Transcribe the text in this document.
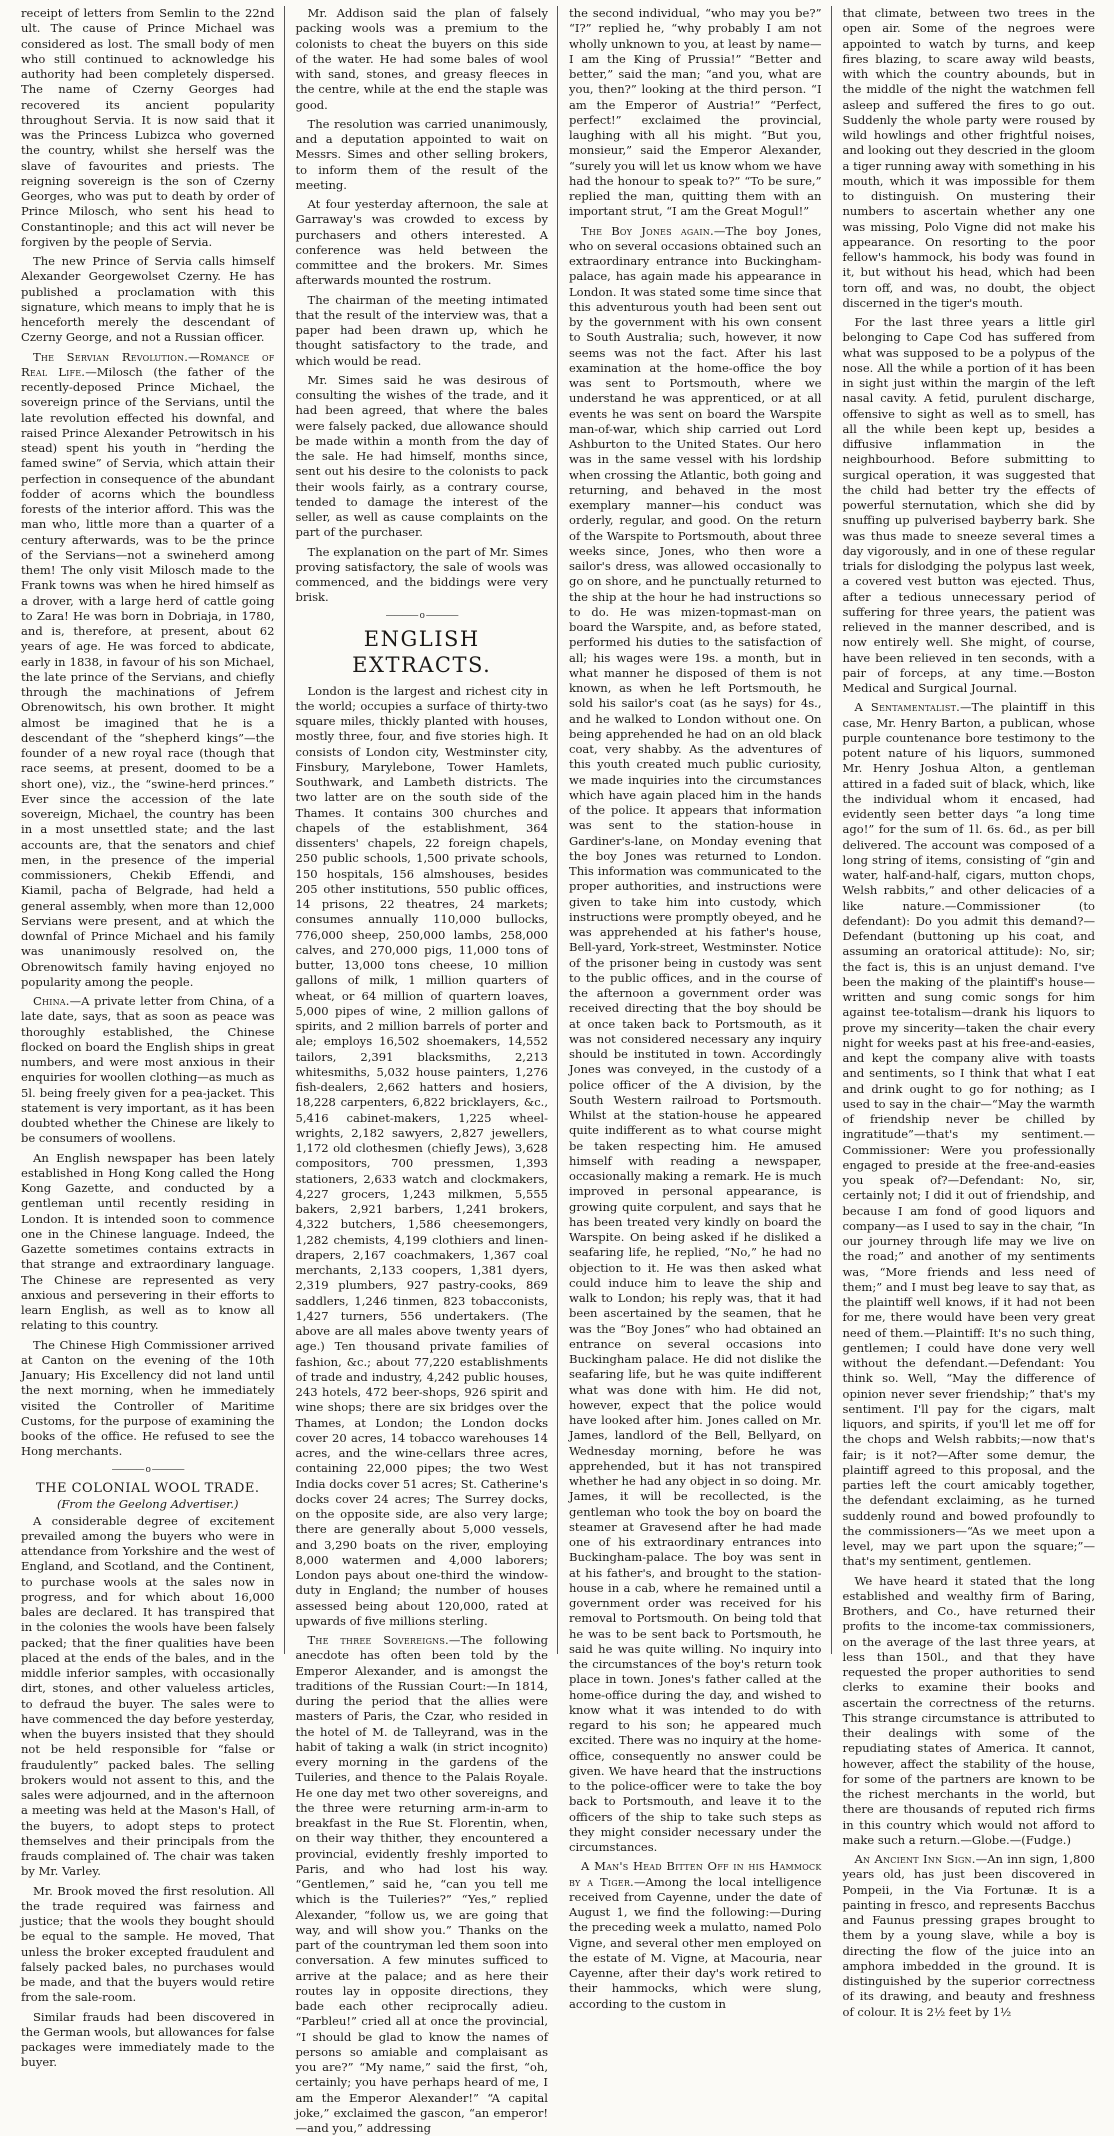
receipt of letters from Semlin to the 22nd ult. The cause of Prince Michael was considered as lost. The small body of men who still continued to acknowledge his authority had been completely dispersed. The name of Czerny Georges had recovered its ancient popularity throughout Servia. It is now said that it was the Princess Lubizca who governed the country, whilst she herself was the slave of favourites and priests. The reigning sovereign is the son of Czerny Georges, who was put to death by order of Prince Milosch, who sent his head to Constantinople; and this act will never be forgiven by the people of Servia.

The new Prince of Servia calls himself Alexander Georgewolset Czerny. He has published a proclamation with this signature, which means to imply that he is henceforth merely the descendant of Czerny George, and not a Russian officer.

The Servian Revolution.—Romance of Real Life.—Milosch (the father of the recently-deposed Prince Michael, the sovereign prince of the Servians, until the late revolution effected his downfal, and raised Prince Alexander Petrowitsch in his stead) spent his youth in “herding the famed swine” of Servia, which attain their perfection in consequence of the abundant fodder of acorns which the boundless forests of the interior afford. This was the man who, little more than a quarter of a century afterwards, was to be the prince of the Servians—not a swineherd among them! The only visit Milosch made to the Frank towns was when he hired himself as a drover, with a large herd of cattle going to Zara! He was born in Dobriaja, in 1780, and is, therefore, at present, about 62 years of age. He was forced to abdicate, early in 1838, in favour of his son Michael, the late prince of the Servians, and chiefly through the machinations of Jefrem Obrenowitsch, his own brother. It might almost be imagined that he is a descendant of the “shepherd kings”—the founder of a new royal race (though that race seems, at present, doomed to be a short one), viz., the “swine-herd princes.” Ever since the accession of the late sovereign, Michael, the country has been in a most unsettled state; and the last accounts are, that the senators and chief men, in the presence of the imperial commissioners, Chekib Effendi, and Kiamil, pacha of Belgrade, had held a general assembly, when more than 12,000 Servians were present, and at which the downfal of Prince Michael and his family was unanimously resolved on, the Obrenowitsch family having enjoyed no popularity among the people.

China.—A private letter from China, of a late date, says, that as soon as peace was thoroughly established, the Chinese flocked on board the English ships in great numbers, and were most anxious in their enquiries for woollen clothing—as much as 5l. being freely given for a pea-jacket. This statement is very important, as it has been doubted whether the Chinese are likely to be consumers of woollens.

An English newspaper has been lately established in Hong Kong called the Hong Kong Gazette, and conducted by a gentleman until recently residing in London. It is intended soon to commence one in the Chinese language. Indeed, the Gazette sometimes contains extracts in that strange and extraordinary language. The Chinese are represented as very anxious and persevering in their efforts to learn English, as well as to know all relating to this country.

The Chinese High Commissioner arrived at Canton on the evening of the 10th January; His Excellency did not land until the next morning, when he immediately visited the Controller of Maritime Customs, for the purpose of examining the books of the office. He refused to see the Hong merchants.

———— o ————
THE COLONIAL WOOL TRADE.
(From the Geelong Advertiser.)

A considerable degree of excitement prevailed among the buyers who were in attendance from Yorkshire and the west of England, and Scotland, and the Continent, to purchase wools at the sales now in progress, and for which about 16,000 bales are declared. It has transpired that in the colonies the wools have been falsely packed; that the finer qualities have been placed at the ends of the bales, and in the middle inferior samples, with occasionally dirt, stones, and other valueless articles, to defraud the buyer. The sales were to have commenced the day before yesterday, when the buyers insisted that they should not be held responsible for “false or fraudulently” packed bales. The selling brokers would not assent to this, and the sales were adjourned, and in the afternoon a meeting was held at the Mason's Hall, of the buyers, to adopt steps to protect themselves and their principals from the frauds complained of. The chair was taken by Mr. Varley.

Mr. Brook moved the first resolution. All the trade required was fairness and justice; that the wools they bought should be equal to the sample. He moved, That unless the broker excepted fraudulent and falsely packed bales, no purchases would be made, and that the buyers would retire from the sale-room.

Similar frauds had been discovered in the German wools, but allowances for false packages were immediately made to the buyer.

Mr. Addison said the plan of falsely packing wools was a premium to the colonists to cheat the buyers on this side of the water. He had some bales of wool with sand, stones, and greasy fleeces in the centre, while at the end the staple was good.

The resolution was carried unanimously, and a deputation appointed to wait on Messrs. Simes and other selling brokers, to inform them of the result of the meeting.

At four yesterday afternoon, the sale at Garraway's was crowded to excess by purchasers and others interested. A conference was held between the committee and the brokers. Mr. Simes afterwards mounted the rostrum.

The chairman of the meeting intimated that the result of the interview was, that a paper had been drawn up, which he thought satisfactory to the trade, and which would be read.

Mr. Simes said he was desirous of consulting the wishes of the trade, and it had been agreed, that where the bales were falsely packed, due allowance should be made within a month from the day of the sale. He had himself, months since, sent out his desire to the colonists to pack their wools fairly, as a contrary course, tended to damage the interest of the seller, as well as cause complaints on the part of the purchaser.

The explanation on the part of Mr. Simes proving satisfactory, the sale of wools was commenced, and the biddings were very brisk.

———— o ————
ENGLISH EXTRACTS.

London is the largest and richest city in the world; occupies a surface of thirty-two square miles, thickly planted with houses, mostly three, four, and five stories high. It consists of London city, Westminster city, Finsbury, Marylebone, Tower Hamlets, Southwark, and Lambeth districts. The two latter are on the south side of the Thames. It contains 300 churches and chapels of the establishment, 364 dissenters' chapels, 22 foreign chapels, 250 public schools, 1,500 private schools, 150 hospitals, 156 almshouses, besides 205 other institutions, 550 public offices, 14 prisons, 22 theatres, 24 markets; consumes annually 110,000 bullocks, 776,000 sheep, 250,000 lambs, 258,000 calves, and 270,000 pigs, 11,000 tons of butter, 13,000 tons cheese, 10 million gallons of milk, 1 million quarters of wheat, or 64 million of quartern loaves, 5,000 pipes of wine, 2 million gallons of spirits, and 2 million barrels of porter and ale; employs 16,502 shoemakers, 14,552 tailors, 2,391 blacksmiths, 2,213 whitesmiths, 5,032 house painters, 1,276 fish-dealers, 2,662 hatters and hosiers, 18,228 carpenters, 6,822 bricklayers, &c., 5,416 cabinet-makers, 1,225 wheel-wrights, 2,182 sawyers, 2,827 jewellers, 1,172 old clothesmen (chiefly Jews), 3,628 compositors, 700 pressmen, 1,393 stationers, 2,633 watch and clockmakers, 4,227 grocers, 1,243 milkmen, 5,555 bakers, 2,921 barbers, 1,241 brokers, 4,322 butchers, 1,586 cheesemongers, 1,282 chemists, 4,199 clothiers and linen-drapers, 2,167 coachmakers, 1,367 coal merchants, 2,133 coopers, 1,381 dyers, 2,319 plumbers, 927 pastry-cooks, 869 saddlers, 1,246 tinmen, 823 tobacconists, 1,427 turners, 556 undertakers. (The above are all males above twenty years of age.) Ten thousand private families of fashion, &c.; about 77,220 establishments of trade and industry, 4,242 public houses, 243 hotels, 472 beer-shops, 926 spirit and wine shops; there are six bridges over the Thames, at London; the London docks cover 20 acres, 14 tobacco warehouses 14 acres, and the wine-cellars three acres, containing 22,000 pipes; the two West India docks cover 51 acres; St. Catherine's docks cover 24 acres; The Surrey docks, on the opposite side, are also very large; there are generally about 5,000 vessels, and 3,290 boats on the river, employing 8,000 watermen and 4,000 laborers; London pays about one-third the window-duty in England; the number of houses assessed being about 120,000, rated at upwards of five millions sterling.

The three Sovereigns.—The following anecdote has often been told by the Emperor Alexander, and is amongst the traditions of the Russian Court:—In 1814, during the period that the allies were masters of Paris, the Czar, who resided in the hotel of M. de Talleyrand, was in the habit of taking a walk (in strict incognito) every morning in the gardens of the Tuileries, and thence to the Palais Royale. He one day met two other sovereigns, and the three were returning arm-in-arm to breakfast in the Rue St. Florentin, when, on their way thither, they encountered a provincial, evidently freshly imported to Paris, and who had lost his way. “Gentlemen,” said he, “can you tell me which is the Tuileries?” “Yes,” replied Alexander, “follow us, we are going that way, and will show you.” Thanks on the part of the countryman led them soon into conversation. A few minutes sufficed to arrive at the palace; and as here their routes lay in opposite directions, they bade each other reciprocally adieu. “Parbleu!” cried all at once the provincial, “I should be glad to know the names of persons so amiable and complaisant as you are?” “My name,” said the first, “oh, certainly; you have perhaps heard of me, I am the Emperor Alexander!” “A capital joke,” exclaimed the gascon, “an emperor!—and you,” addressing

the second individual, “who may you be?” “I?” replied he, “why probably I am not wholly unknown to you, at least by name—I am the King of Prussia!” “Better and better,” said the man; “and you, what are you, then?” looking at the third person. “I am the Emperor of Austria!” “Perfect, perfect!” exclaimed the provincial, laughing with all his might. “But you, monsieur,” said the Emperor Alexander, “surely you will let us know whom we have had the honour to speak to?” “To be sure,” replied the man, quitting them with an important strut, “I am the Great Mogul!”

The Boy Jones again.—The boy Jones, who on several occasions obtained such an extraordinary entrance into Buckingham-palace, has again made his appearance in London. It was stated some time since that this adventurous youth had been sent out by the government with his own consent to South Australia; such, however, it now seems was not the fact. After his last examination at the home-office the boy was sent to Portsmouth, where we understand he was apprenticed, or at all events he was sent on board the Warspite man-of-war, which ship carried out Lord Ashburton to the United States. Our hero was in the same vessel with his lordship when crossing the Atlantic, both going and returning, and behaved in the most exemplary manner—his conduct was orderly, regular, and good. On the return of the Warspite to Portsmouth, about three weeks since, Jones, who then wore a sailor's dress, was allowed occasionally to go on shore, and he punctually returned to the ship at the hour he had instructions so to do. He was mizen-topmast-man on board the Warspite, and, as before stated, performed his duties to the satisfaction of all; his wages were 19s. a month, but in what manner he disposed of them is not known, as when he left Portsmouth, he sold his sailor's coat (as he says) for 4s., and he walked to London without one. On being apprehended he had on an old black coat, very shabby. As the adventures of this youth created much public curiosity, we made inquiries into the circumstances which have again placed him in the hands of the police. It appears that information was sent to the station-house in Gardiner's-lane, on Monday evening that the boy Jones was returned to London. This information was communicated to the proper authorities, and instructions were given to take him into custody, which instructions were promptly obeyed, and he was apprehended at his father's house, Bell-yard, York-street, Westminster. Notice of the prisoner being in custody was sent to the public offices, and in the course of the afternoon a government order was received directing that the boy should be at once taken back to Portsmouth, as it was not considered necessary any inquiry should be instituted in town. Accordingly Jones was conveyed, in the custody of a police officer of the A division, by the South Western railroad to Portsmouth. Whilst at the station-house he appeared quite indifferent as to what course might be taken respecting him. He amused himself with reading a newspaper, occasionally making a remark. He is much improved in personal appearance, is growing quite corpulent, and says that he has been treated very kindly on board the Warspite. On being asked if he disliked a seafaring life, he replied, “No,” he had no objection to it. He was then asked what could induce him to leave the ship and walk to London; his reply was, that it had been ascertained by the seamen, that he was the “Boy Jones” who had obtained an entrance on several occasions into Buckingham palace. He did not dislike the seafaring life, but he was quite indifferent what was done with him. He did not, however, expect that the police would have looked after him. Jones called on Mr. James, landlord of the Bell, Bellyard, on Wednesday morning, before he was apprehended, but it has not transpired whether he had any object in so doing. Mr. James, it will be recollected, is the gentleman who took the boy on board the steamer at Gravesend after he had made one of his extraordinary entrances into Buckingham-palace. The boy was sent in at his father's, and brought to the station-house in a cab, where he remained until a government order was received for his removal to Portsmouth. On being told that he was to be sent back to Portsmouth, he said he was quite willing. No inquiry into the circumstances of the boy's return took place in town. Jones's father called at the home-office during the day, and wished to know what it was intended to do with regard to his son; he appeared much excited. There was no inquiry at the home-office, consequently no answer could be given. We have heard that the instructions to the police-officer were to take the boy back to Portsmouth, and leave it to the officers of the ship to take such steps as they might consider necessary under the circumstances.

A Man's Head Bitten Off in his Hammock by a Tiger.—Among the local intelligence received from Cayenne, under the date of August 1, we find the following:—During the preceding week a mulatto, named Polo Vigne, and several other men employed on the estate of M. Vigne, at Macouria, near Cayenne, after their day's work retired to their hammocks, which were slung, according to the custom in

that climate, between two trees in the open air. Some of the negroes were appointed to watch by turns, and keep fires blazing, to scare away wild beasts, with which the country abounds, but in the middle of the night the watchmen fell asleep and suffered the fires to go out. Suddenly the whole party were roused by wild howlings and other frightful noises, and looking out they descried in the gloom a tiger running away with something in his mouth, which it was impossible for them to distinguish. On mustering their numbers to ascertain whether any one was missing, Polo Vigne did not make his appearance. On resorting to the poor fellow's hammock, his body was found in it, but without his head, which had been torn off, and was, no doubt, the object discerned in the tiger's mouth.

For the last three years a little girl belonging to Cape Cod has suffered from what was supposed to be a polypus of the nose. All the while a portion of it has been in sight just within the margin of the left nasal cavity. A fetid, purulent discharge, offensive to sight as well as to smell, has all the while been kept up, besides a diffusive inflammation in the neighbourhood. Before submitting to surgical operation, it was suggested that the child had better try the effects of powerful sternutation, which she did by snuffing up pulverised bayberry bark. She was thus made to sneeze several times a day vigorously, and in one of these regular trials for dislodging the polypus last week, a covered vest button was ejected. Thus, after a tedious unnecessary period of suffering for three years, the patient was relieved in the manner described, and is now entirely well. She might, of course, have been relieved in ten seconds, with a pair of forceps, at any time.—Boston Medical and Surgical Journal.

A Sentamentalist.—The plaintiff in this case, Mr. Henry Barton, a publican, whose purple countenance bore testimony to the potent nature of his liquors, summoned Mr. Henry Joshua Alton, a gentleman attired in a faded suit of black, which, like the individual whom it encased, had evidently seen better days “a long time ago!” for the sum of 1l. 6s. 6d., as per bill delivered. The account was composed of a long string of items, consisting of “gin and water, half-and-half, cigars, mutton chops, Welsh rabbits,” and other delicacies of a like nature.—Commissioner (to defendant): Do you admit this demand?—Defendant (buttoning up his coat, and assuming an oratorical attitude): No, sir; the fact is, this is an unjust demand. I've been the making of the plaintiff's house—written and sung comic songs for him against tee-totalism—drank his liquors to prove my sincerity—taken the chair every night for weeks past at his free-and-easies, and kept the company alive with toasts and sentiments, so I think that what I eat and drink ought to go for nothing; as I used to say in the chair—“May the warmth of friendship never be chilled by ingratitude”—that's my sentiment.—Commissioner: Were you professionally engaged to preside at the free-and-easies you speak of?—Defendant: No, sir, certainly not; I did it out of friendship, and because I am fond of good liquors and company—as I used to say in the chair, “In our journey through life may we live on the road;” and another of my sentiments was, “More friends and less need of them;” and I must beg leave to say that, as the plaintiff well knows, if it had not been for me, there would have been very great need of them.—Plaintiff: It's no such thing, gentlemen; I could have done very well without the defendant.—Defendant: You think so. Well, “May the difference of opinion never sever friendship;” that's my sentiment. I'll pay for the cigars, malt liquors, and spirits, if you'll let me off for the chops and Welsh rabbits;—now that's fair; is it not?—After some demur, the plaintiff agreed to this proposal, and the parties left the court amicably together, the defendant exclaiming, as he turned suddenly round and bowed profoundly to the commissioners—“As we meet upon a level, may we part upon the square;”—that's my sentiment, gentlemen.

We have heard it stated that the long established and wealthy firm of Baring, Brothers, and Co., have returned their profits to the income-tax commissioners, on the average of the last three years, at less than 150l., and that they have requested the proper authorities to send clerks to examine their books and ascertain the correctness of the returns. This strange circumstance is attributed to their dealings with some of the repudiating states of America. It cannot, however, affect the stability of the house, for some of the partners are known to be the richest merchants in the world, but there are thousands of reputed rich firms in this country which would not afford to make such a return.—Globe.—(Fudge.)

An Ancient Inn Sign.—An inn sign, 1,800 years old, has just been discovered in Pompeii, in the Via Fortunæ. It is a painting in fresco, and represents Bacchus and Faunus pressing grapes brought to them by a young slave, while a boy is directing the flow of the juice into an amphora imbedded in the ground. It is distinguished by the superior correctness of its drawing, and beauty and freshness of colour. It is 2½ feet by 1½
